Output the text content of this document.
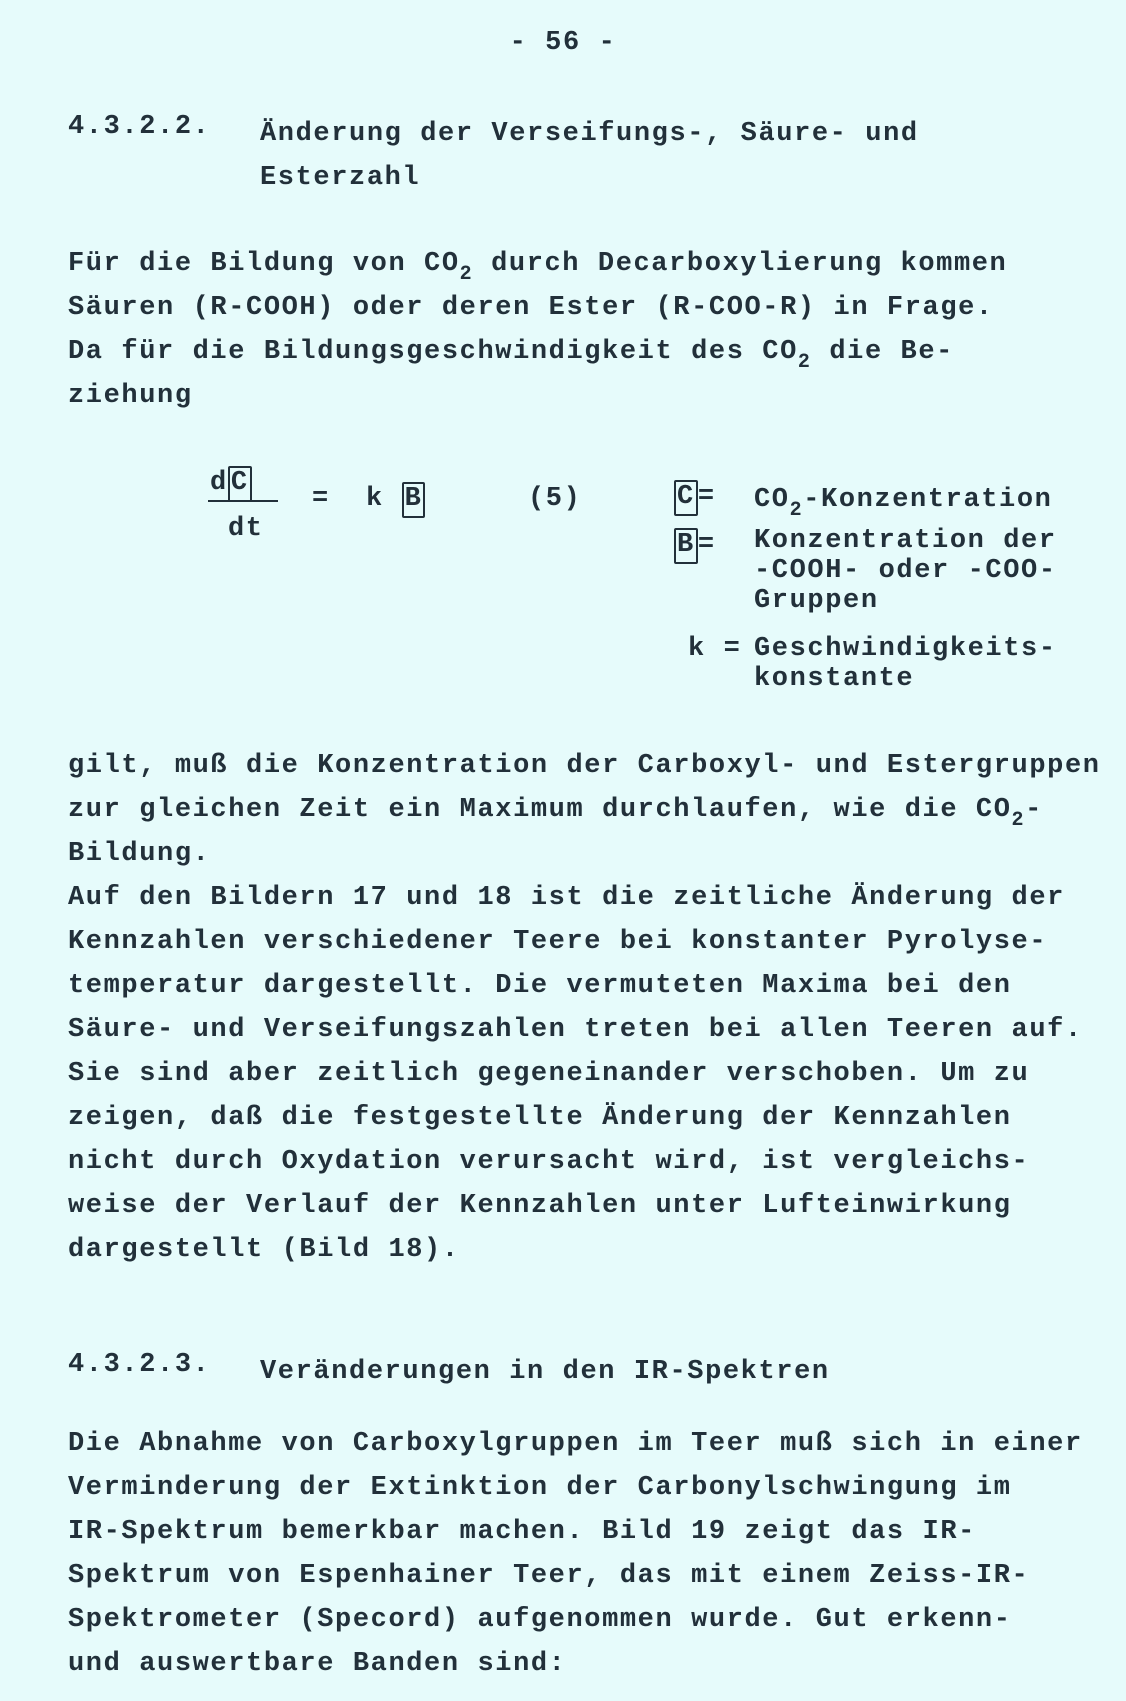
- 56 -
4.3.2.2. Änderung der Verseifungs-, Säure- und
Esterzahl
Für die Bildung von $CO_2$ durch Decarboxylierung kommen
Säuren (R-COOH) oder deren Ester (R-COO-R) in Frage.
Da für die Bildungsgeschwindigkeit des $CO_2$ die Be-
ziehung
d C
dt
= k B	(5)	$C = CO_2$-Konzentration
B = Konzentration der
-COOH- oder -COO-
Gruppen
k = Geschwindigkeits-
konstante
gilt, muß die Konzentration der Carboxyl- und Estergruppen
zur gleichen Zeit ein Maximum durchlaufen, wie die $CO_2-$
Bildung.
Auf den Bildern 17 und 18 ist die zeitliche Änderung der
Kennzahlen verschiedener Teere bei konstanter Pyrolyse-
temperatur dargestellt. Die vermuteten Maxima bei den
Säure- und Verseifungszahlen treten bei allen Teeren auf.
Sie sind aber zeitlich gegeneinander verschoben. Um zu
zeigen, daß die festgestellte Änderung der Kennzahlen
nicht durch Oxydation verursacht wird, ist vergleichs-
weise der Verlauf der Kennzahlen unter Lufteinwirkung
dargestellt (Bild 18).
4.3.2.3. Veränderungen in den IR-Spektren
Die Abnahme von Carboxylgruppen im Teer muß sich in einer
Verminderung der Extinktion der Carbonylschwingung im
IR-Spektrum bemerkbar machen. Bild 19 zeigt das IR-
Spektrum von Espenhainer Teer, das mit einem Zeiss-IR-
Spektrometer (Specord) aufgenommen wurde. Gut erkenn-
und auswertbare Banden sind:
